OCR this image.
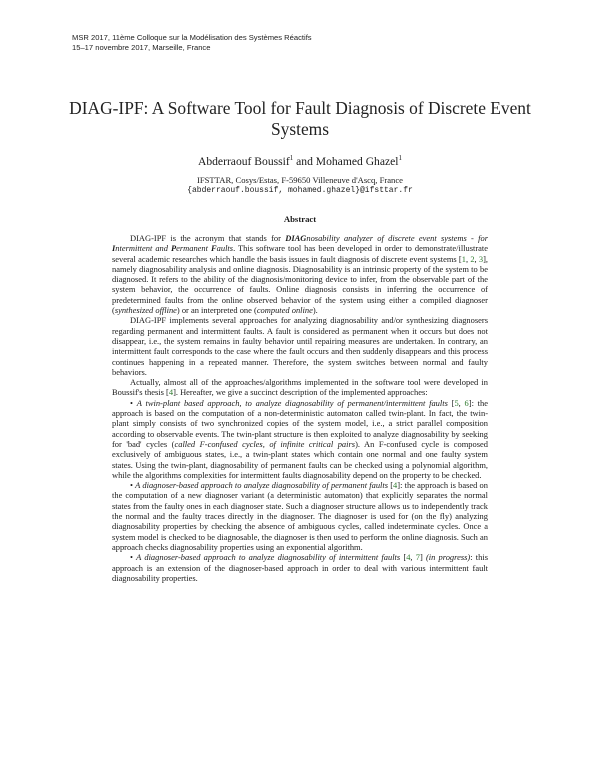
MSR 2017, 11ème Colloque sur la Modélisation des Systèmes Réactifs
15–17 novembre 2017, Marseille, France
DIAG-IPF: A Software Tool for Fault Diagnosis of Discrete Event Systems
Abderraouf Boussif$^1$ and Mohamed Ghazel$^1$
IFSTTAR, Cosys/Estas, F-59650 Villeneuve d'Ascq, France
{abderraouf.boussif, mohamed.ghazel}@ifsttar.fr
Abstract

DIAG-IPF is the acronym that stands for DIAGnosability analyzer of discrete event systems - for Intermittent and Permanent Faults. This software tool has been developed in order to demonstrate/illustrate several academic researches which handle the basis issues in fault diagnosis of discrete event systems [1, 2, 3], namely diagnosability analysis and online diagnosis. Diagnosability is an intrinsic property of the system to be diagnosed. It refers to the ability of the diagnosis/monitoring device to infer, from the observable part of the system behavior, the occurrence of faults. Online diagnosis consists in inferring the occurrence of predetermined faults from the online observed behavior of the system using either a compiled diagnoser (synthesized offline) or an interpreted one (computed online).

DIAG-IPF implements several approaches for analyzing diagnosability and/or synthesizing diagnosers regarding permanent and intermittent faults. A fault is considered as permanent when it occurs but does not disappear, i.e., the system remains in faulty behavior until repairing measures are undertaken. In contrary, an intermittent fault corresponds to the case where the fault occurs and then suddenly disappears and this process continues happening in a repeated manner. Therefore, the system switches between normal and faulty behaviors.

Actually, almost all of the approaches/algorithms implemented in the software tool were developed in Boussif's thesis [4]. Hereafter, we give a succinct description of the implemented approaches:

• A twin-plant based approach, to analyze diagnosability of permanent/intermittent faults [5, 6]: the approach is based on the computation of a non-deterministic automaton called twin-plant. In fact, the twin-plant simply consists of two synchronized copies of the system model, i.e., a strict parallel composition according to observable events. The twin-plant structure is then exploited to analyze diagnosability by seeking for 'bad' cycles (called F-confused cycles, of infinite critical pairs). An F-confused cycle is composed exclusively of ambiguous states, i.e., a twin-plant states which contain one normal and one faulty system states. Using the twin-plant, diagnosability of permanent faults can be checked using a polynomial algorithm, while the algorithms complexities for intermittent faults diagnosability depend on the property to be checked.

• A diagnoser-based approach to analyze diagnosability of permanent faults [4]: the approach is based on the computation of a new diagnoser variant (a deterministic automaton) that explicitly separates the normal states from the faulty ones in each diagnoser state. Such a diagnoser structure allows us to independently track the normal and the faulty traces directly in the diagnoser. The diagnoser is used for (on the fly) analyzing diagnosability properties by checking the absence of ambiguous cycles, called indeterminate cycles. Once a system model is checked to be diagnosable, the diagnoser is then used to perform the online diagnosis. Such an approach checks diagnosability properties using an exponential algorithm.

• A diagnoser-based approach to analyze diagnosability of intermittent faults [4, 7] (in progress): this approach is an extension of the diagnoser-based approach in order to deal with various intermittent fault diagnosability properties.
